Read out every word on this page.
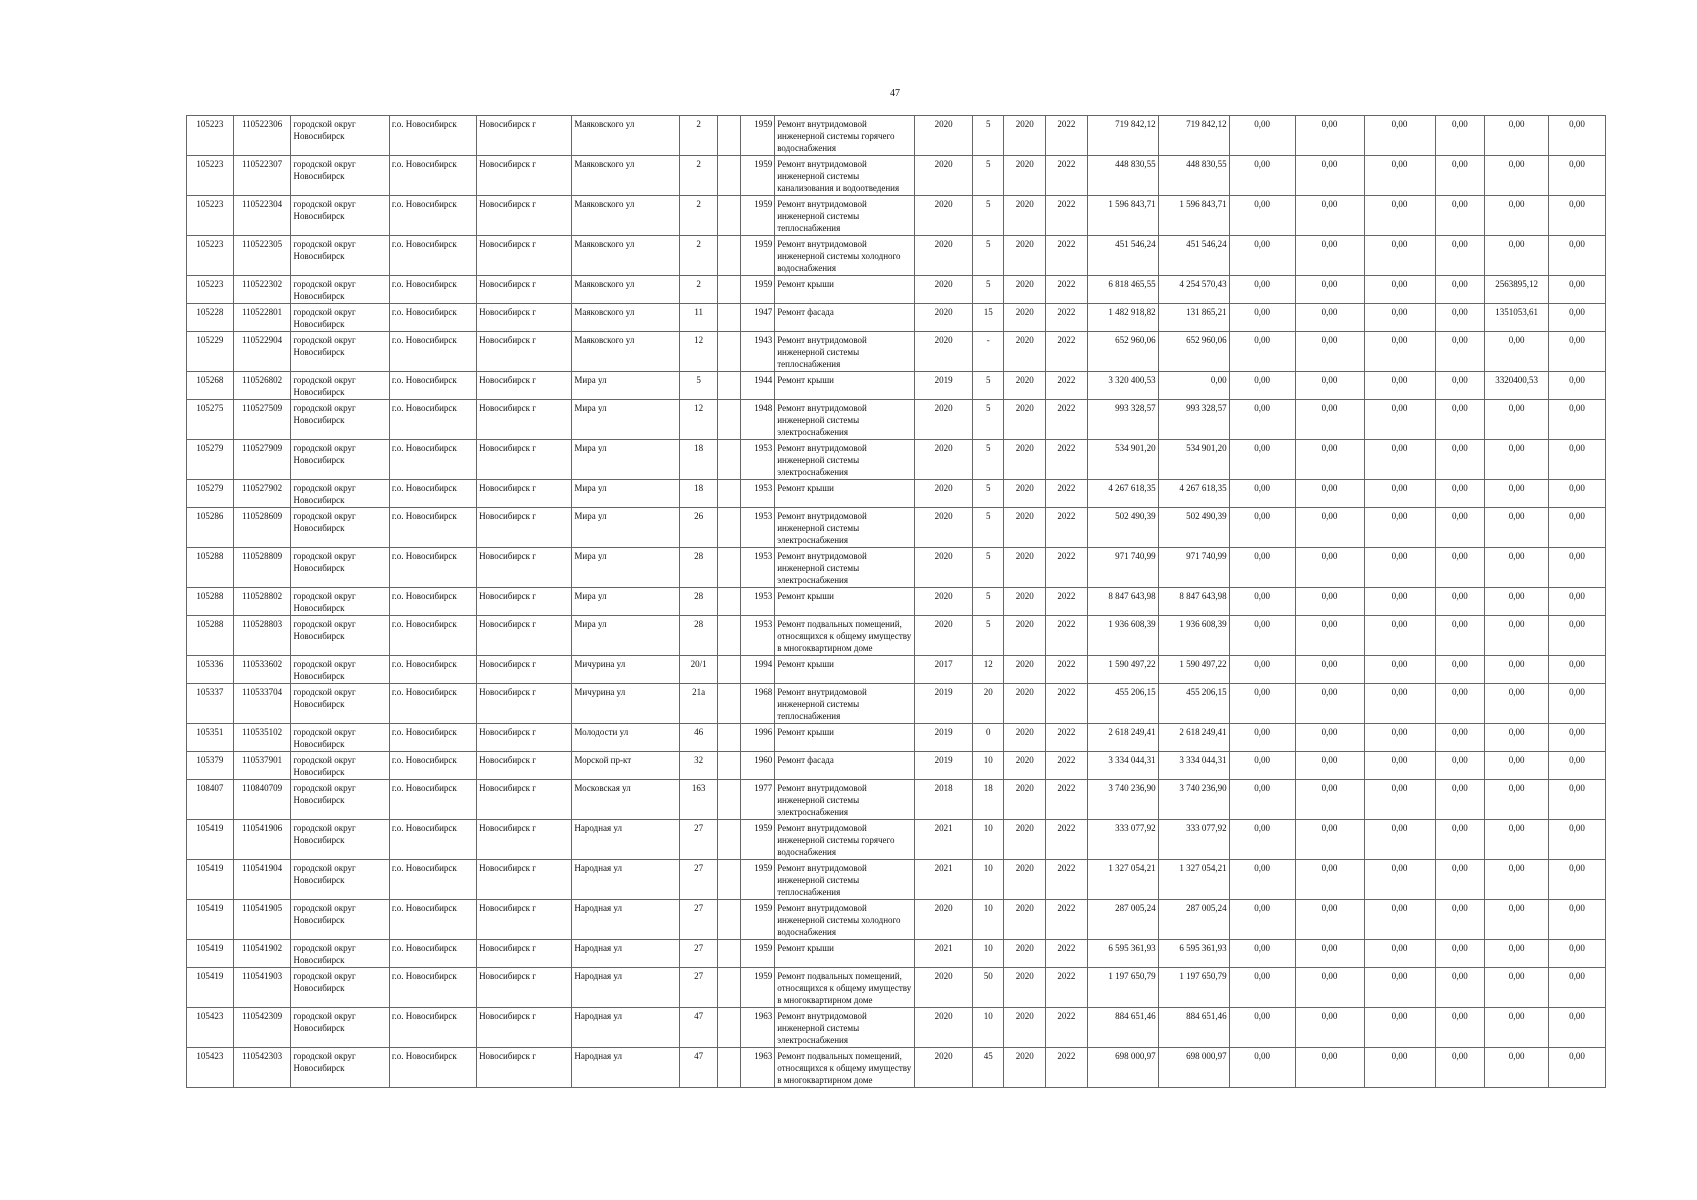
47
105223	110522306	городской округ Новосибирск	г.о. Новосибирск	Новосибирск г	Маяковского ул	2		1959	Ремонт внутридомовой инженерной системы горячего водоснабжения	2020	5	2020	2022	719 842,12	719 842,12	0,00	0,00	0,00	0,00	0,00	0,00
105223	110522307	городской округ Новосибирск	г.о. Новосибирск	Новосибирск г	Маяковского ул	2		1959	Ремонт внутридомовой инженерной системы канализования и водоотведения	2020	5	2020	2022	448 830,55	448 830,55	0,00	0,00	0,00	0,00	0,00	0,00
105223	110522304	городской округ Новосибирск	г.о. Новосибирск	Новосибирск г	Маяковского ул	2		1959	Ремонт внутридомовой инженерной системы теплоснабжения	2020	5	2020	2022	1 596 843,71	1 596 843,71	0,00	0,00	0,00	0,00	0,00	0,00
105223	110522305	городской округ Новосибирск	г.о. Новосибирск	Новосибирск г	Маяковского ул	2		1959	Ремонт внутридомовой инженерной системы холодного водоснабжения	2020	5	2020	2022	451 546,24	451 546,24	0,00	0,00	0,00	0,00	0,00	0,00
105223	110522302	городской округ Новосибирск	г.о. Новосибирск	Новосибирск г	Маяковского ул	2		1959	Ремонт крыши	2020	5	2020	2022	6 818 465,55	4 254 570,43	0,00	0,00	0,00	0,00	2563895,12	0,00
105228	110522801	городской округ Новосибирск	г.о. Новосибирск	Новосибирск г	Маяковского ул	11		1947	Ремонт фасада	2020	15	2020	2022	1 482 918,82	131 865,21	0,00	0,00	0,00	0,00	1351053,61	0,00
105229	110522904	городской округ Новосибирск	г.о. Новосибирск	Новосибирск г	Маяковского ул	12		1943	Ремонт внутридомовой инженерной системы теплоснабжения	2020	-	2020	2022	652 960,06	652 960,06	0,00	0,00	0,00	0,00	0,00	0,00
105268	110526802	городской округ Новосибирск	г.о. Новосибирск	Новосибирск г	Мира ул	5		1944	Ремонт крыши	2019	5	2020	2022	3 320 400,53	0,00	0,00	0,00	0,00	0,00	3320400,53	0,00
105275	110527509	городской округ Новосибирск	г.о. Новосибирск	Новосибирск г	Мира ул	12		1948	Ремонт внутридомовой инженерной системы электроснабжения	2020	5	2020	2022	993 328,57	993 328,57	0,00	0,00	0,00	0,00	0,00	0,00
105279	110527909	городской округ Новосибирск	г.о. Новосибирск	Новосибирск г	Мира ул	18		1953	Ремонт внутридомовой инженерной системы электроснабжения	2020	5	2020	2022	534 901,20	534 901,20	0,00	0,00	0,00	0,00	0,00	0,00
105279	110527902	городской округ Новосибирск	г.о. Новосибирск	Новосибирск г	Мира ул	18		1953	Ремонт крыши	2020	5	2020	2022	4 267 618,35	4 267 618,35	0,00	0,00	0,00	0,00	0,00	0,00
105286	110528609	городской округ Новосибирск	г.о. Новосибирск	Новосибирск г	Мира ул	26		1953	Ремонт внутридомовой инженерной системы электроснабжения	2020	5	2020	2022	502 490,39	502 490,39	0,00	0,00	0,00	0,00	0,00	0,00
105288	110528809	городской округ Новосибирск	г.о. Новосибирск	Новосибирск г	Мира ул	28		1953	Ремонт внутридомовой инженерной системы электроснабжения	2020	5	2020	2022	971 740,99	971 740,99	0,00	0,00	0,00	0,00	0,00	0,00
105288	110528802	городской округ Новосибирск	г.о. Новосибирск	Новосибирск г	Мира ул	28		1953	Ремонт крыши	2020	5	2020	2022	8 847 643,98	8 847 643,98	0,00	0,00	0,00	0,00	0,00	0,00
105288	110528803	городской округ Новосибирск	г.о. Новосибирск	Новосибирск г	Мира ул	28		1953	Ремонт подвальных помещений, относящихся к общему имуществу в многоквартирном доме	2020	5	2020	2022	1 936 608,39	1 936 608,39	0,00	0,00	0,00	0,00	0,00	0,00
105336	110533602	городской округ Новосибирск	г.о. Новосибирск	Новосибирск г	Мичурина ул	20/1		1994	Ремонт крыши	2017	12	2020	2022	1 590 497,22	1 590 497,22	0,00	0,00	0,00	0,00	0,00	0,00
105337	110533704	городской округ Новосибирск	г.о. Новосибирск	Новосибирск г	Мичурина ул	21а		1968	Ремонт внутридомовой инженерной системы теплоснабжения	2019	20	2020	2022	455 206,15	455 206,15	0,00	0,00	0,00	0,00	0,00	0,00
105351	110535102	городской округ Новосибирск	г.о. Новосибирск	Новосибирск г	Молодости ул	46		1996	Ремонт крыши	2019	0	2020	2022	2 618 249,41	2 618 249,41	0,00	0,00	0,00	0,00	0,00	0,00
105379	110537901	городской округ Новосибирск	г.о. Новосибирск	Новосибирск г	Морской пр-кт	32		1960	Ремонт фасада	2019	10	2020	2022	3 334 044,31	3 334 044,31	0,00	0,00	0,00	0,00	0,00	0,00
108407	110840709	городской округ Новосибирск	г.о. Новосибирск	Новосибирск г	Московская ул	163		1977	Ремонт внутридомовой инженерной системы электроснабжения	2018	18	2020	2022	3 740 236,90	3 740 236,90	0,00	0,00	0,00	0,00	0,00	0,00
105419	110541906	городской округ Новосибирск	г.о. Новосибирск	Новосибирск г	Народная ул	27		1959	Ремонт внутридомовой инженерной системы горячего водоснабжения	2021	10	2020	2022	333 077,92	333 077,92	0,00	0,00	0,00	0,00	0,00	0,00
105419	110541904	городской округ Новосибирск	г.о. Новосибирск	Новосибирск г	Народная ул	27		1959	Ремонт внутридомовой инженерной системы теплоснабжения	2021	10	2020	2022	1 327 054,21	1 327 054,21	0,00	0,00	0,00	0,00	0,00	0,00
105419	110541905	городской округ Новосибирск	г.о. Новосибирск	Новосибирск г	Народная ул	27		1959	Ремонт внутридомовой инженерной системы холодного водоснабжения	2020	10	2020	2022	287 005,24	287 005,24	0,00	0,00	0,00	0,00	0,00	0,00
105419	110541902	городской округ Новосибирск	г.о. Новосибирск	Новосибирск г	Народная ул	27		1959	Ремонт крыши	2021	10	2020	2022	6 595 361,93	6 595 361,93	0,00	0,00	0,00	0,00	0,00	0,00
105419	110541903	городской округ Новосибирск	г.о. Новосибирск	Новосибирск г	Народная ул	27		1959	Ремонт подвальных помещений, относящихся к общему имуществу в многоквартирном доме	2020	50	2020	2022	1 197 650,79	1 197 650,79	0,00	0,00	0,00	0,00	0,00	0,00
105423	110542309	городской округ Новосибирск	г.о. Новосибирск	Новосибирск г	Народная ул	47		1963	Ремонт внутридомовой инженерной системы электроснабжения	2020	10	2020	2022	884 651,46	884 651,46	0,00	0,00	0,00	0,00	0,00	0,00
105423	110542303	городской округ Новосибирск	г.о. Новосибирск	Новосибирск г	Народная ул	47		1963	Ремонт подвальных помещений, относящихся к общему имуществу в многоквартирном доме	2020	45	2020	2022	698 000,97	698 000,97	0,00	0,00	0,00	0,00	0,00	0,00
